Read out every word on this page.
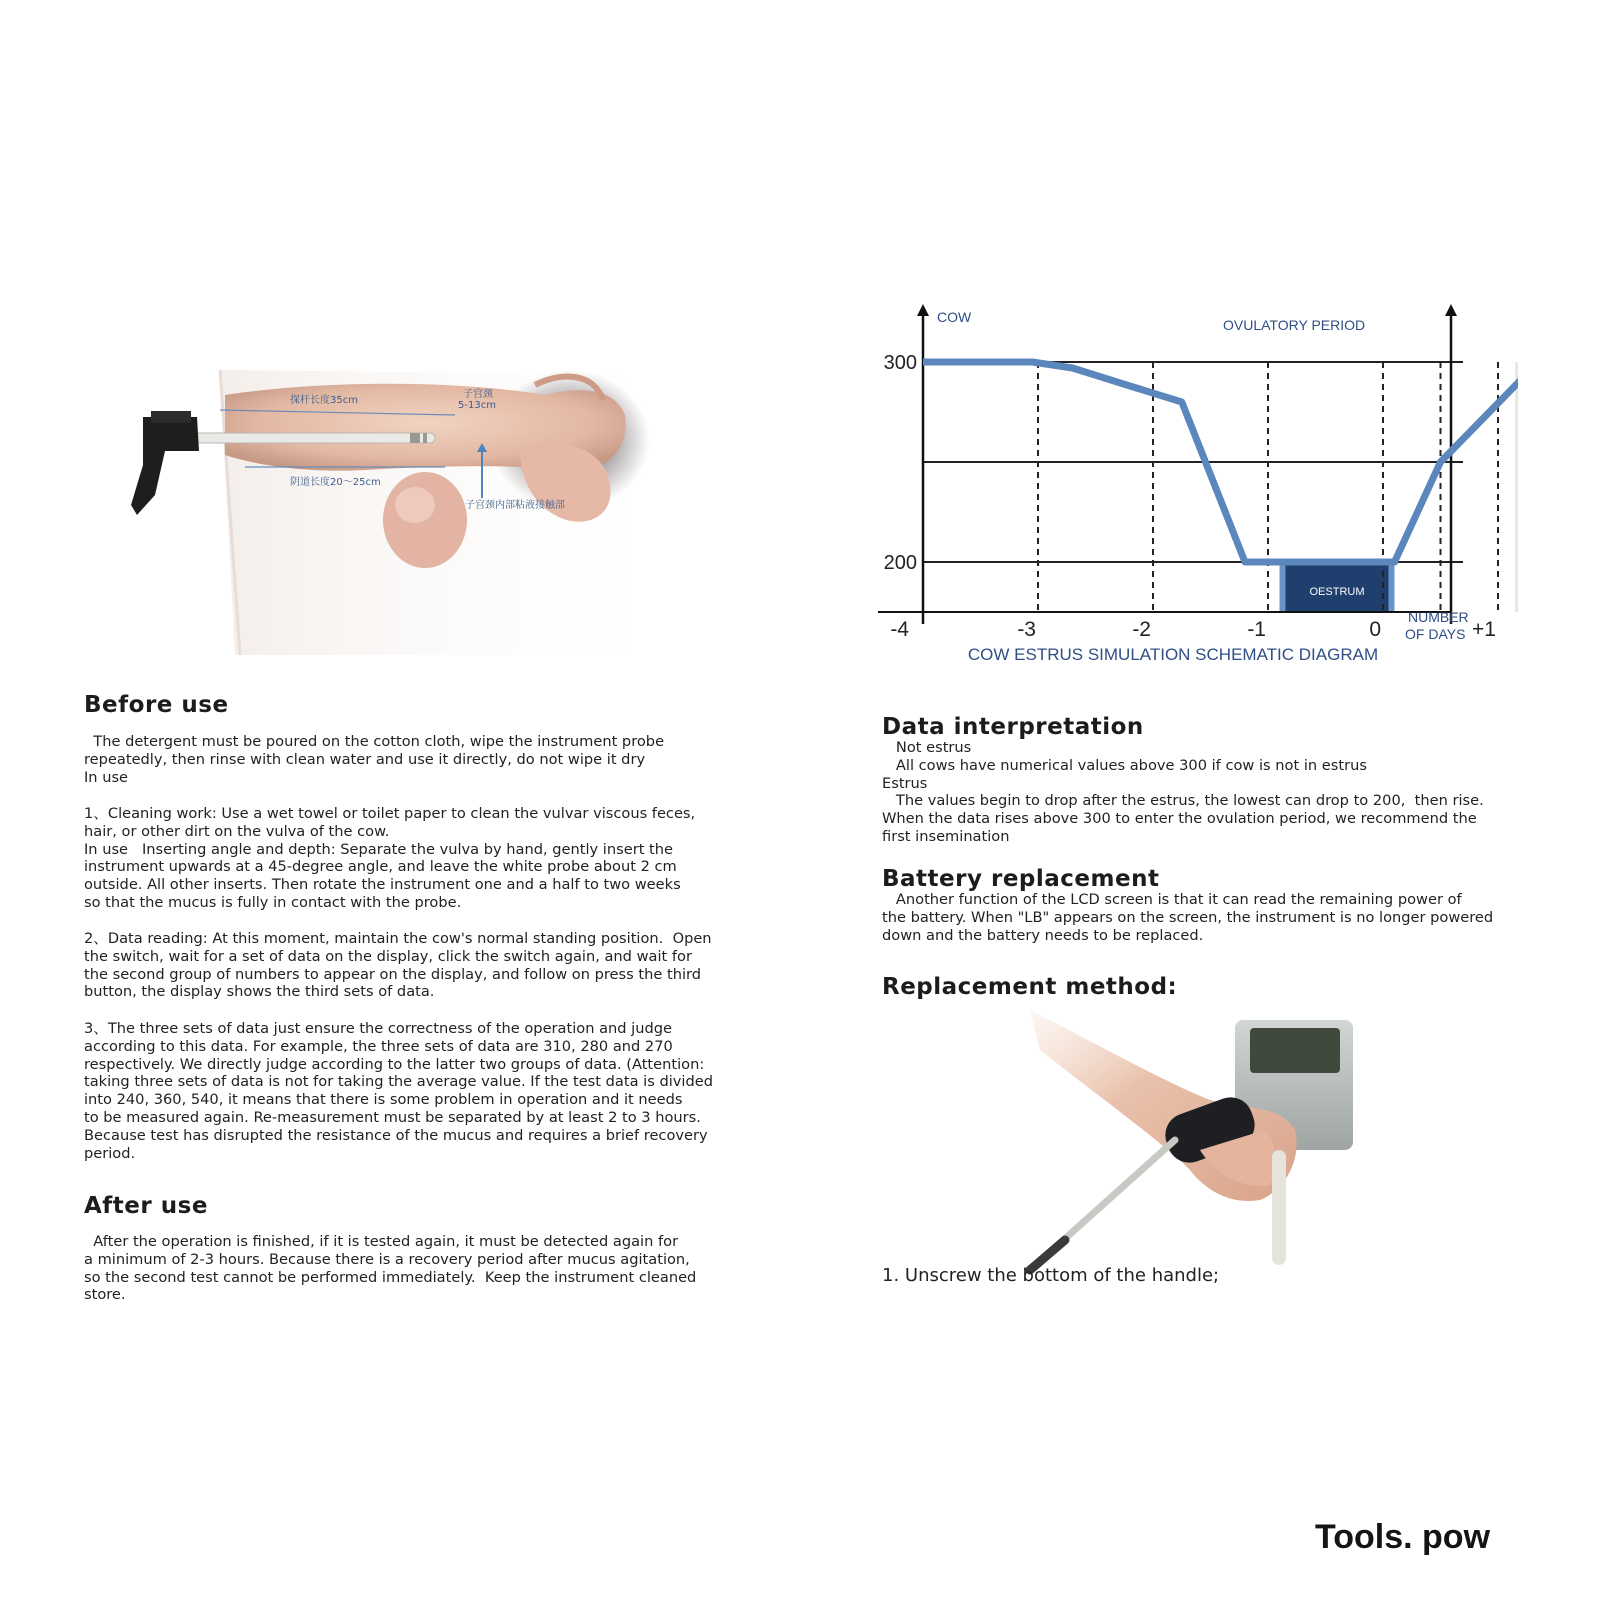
探杆长度35cm
子宫颈
5-13cm
阴道长度20～25cm
子宫颈内部粘液接触部
Before use

The detergent must be poured on the cotton cloth, wipe the instrument probe
repeatedly, then rinse with clean water and use it directly, do not wipe it dry
In use

1、Cleaning work: Use a wet towel or toilet paper to clean the vulvar viscous feces,
hair, or other dirt on the vulva of the cow.
In use   Inserting angle and depth: Separate the vulva by hand, gently insert the
instrument upwards at a 45-degree angle, and leave the white probe about 2 cm
outside. All other inserts. Then rotate the instrument one and a half to two weeks
so that the mucus is fully in contact with the probe.

2、Data reading: At this moment, maintain the cow's normal standing position.  Open
the switch, wait for a set of data on the display, click the switch again, and wait for
the second group of numbers to appear on the display, and follow on press the third
button, the display shows the third sets of data.

3、The three sets of data just ensure the correctness of the operation and judge
according to this data. For example, the three sets of data are 310, 280 and 270
respectively. We directly judge according to the latter two groups of data. (Attention:
taking three sets of data is not for taking the average value. If the test data is divided
into 240, 360, 540, it means that there is some problem in operation and it needs
to be measured again. Re-measurement must be separated by at least 2 to 3 hours.
Because test has disrupted the resistance of the mucus and requires a brief recovery
period.

After use

After the operation is finished, if it is tested again, it must be detected again for
a minimum of 2-3 hours. Because there is a recovery period after mucus agitation,
so the second test cannot be performed immediately.  Keep the instrument cleaned
store.

200
300
-4	-3	-2	-1	0	+1
COW	OVULATORY PERIOD
OESTRUM
NUMBER
OF DAYS
COW ESTRUS SIMULATION SCHEMATIC DIAGRAM
Data interpretation

Not estrus
All cows have numerical values above 300 if cow is not in estrus
Estrus
The values begin to drop after the estrus, the lowest can drop to 200,  then rise.
When the data rises above 300 to enter the ovulation period, we recommend the
first insemination

Battery replacement

Another function of the LCD screen is that it can read the remaining power of
the battery. When "LB" appears on the screen, the instrument is no longer powered
down and the battery needs to be replaced.

Replacement method:

1. Unscrew the bottom of the handle;

Tools. pow
